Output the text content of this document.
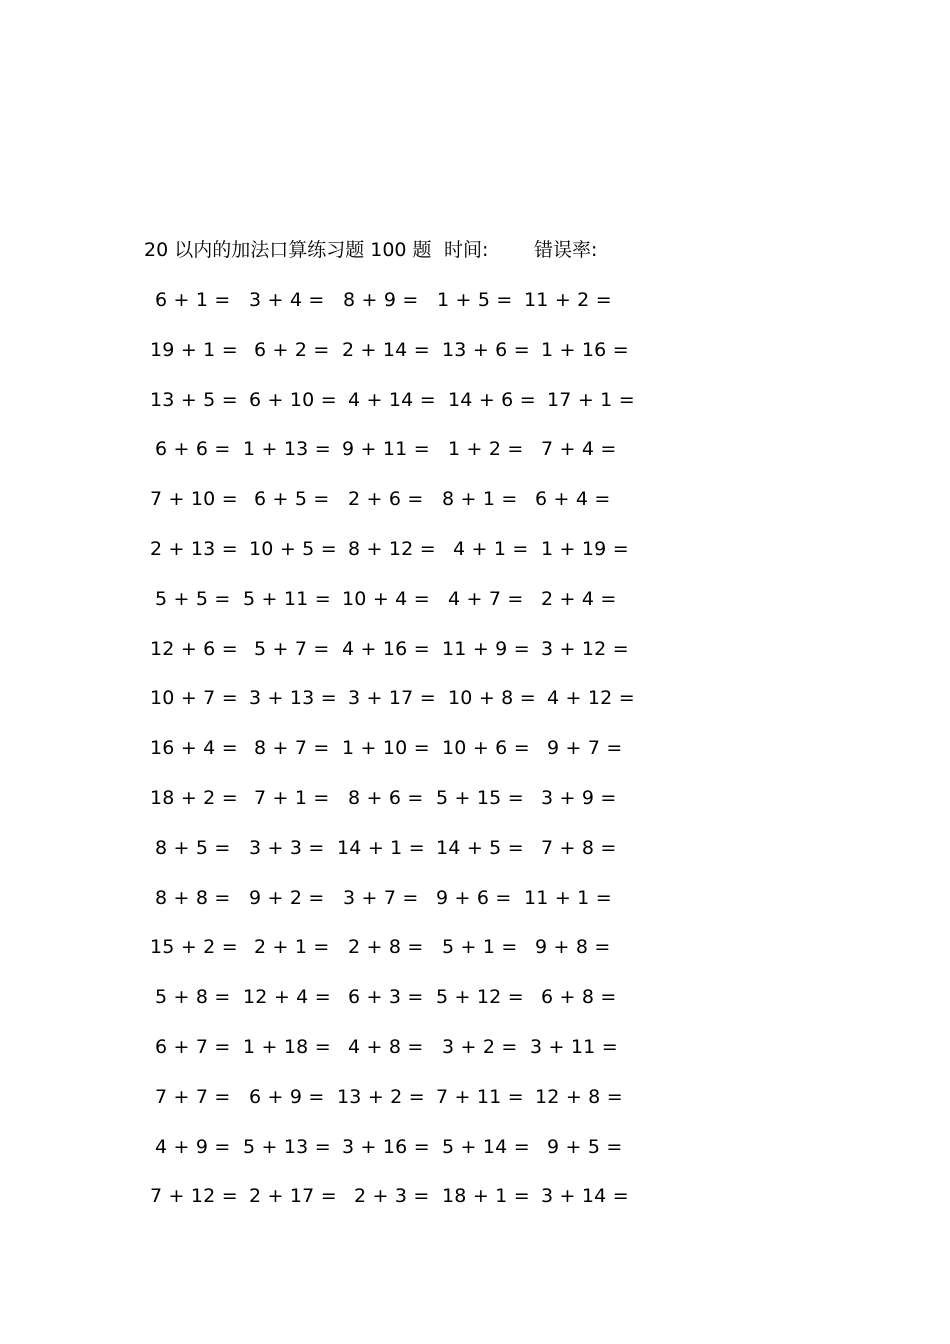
20 以内的加法口算练习题 100 题 时间: 错误率:
6 + 1 = 3 + 4 = 8 + 9 = 1 + 5 = 11 + 2 =
19 + 1 = 6 + 2 = 2 + 14 = 13 + 6 = 1 + 16 =
13 + 5 = 6 + 10 = 4 + 14 = 14 + 6 = 17 + 1 =
6 + 6 = 1 + 13 = 9 + 11 = 1 + 2 = 7 + 4 =
7 + 10 = 6 + 5 = 2 + 6 = 8 + 1 = 6 + 4 =
2 + 13 = 10 + 5 = 8 + 12 = 4 + 1 = 1 + 19 =
5 + 5 = 5 + 11 = 10 + 4 = 4 + 7 = 2 + 4 =
12 + 6 = 5 + 7 = 4 + 16 = 11 + 9 = 3 + 12 =
10 + 7 = 3 + 13 = 3 + 17 = 10 + 8 = 4 + 12 =
16 + 4 = 8 + 7 = 1 + 10 = 10 + 6 = 9 + 7 =
18 + 2 = 7 + 1 = 8 + 6 = 5 + 15 = 3 + 9 =
8 + 5 = 3 + 3 = 14 + 1 = 14 + 5 = 7 + 8 =
8 + 8 = 9 + 2 = 3 + 7 = 9 + 6 = 11 + 1 =
15 + 2 = 2 + 1 = 2 + 8 = 5 + 1 = 9 + 8 =
5 + 8 = 12 + 4 = 6 + 3 = 5 + 12 = 6 + 8 =
6 + 7 = 1 + 18 = 4 + 8 = 3 + 2 = 3 + 11 =
7 + 7 = 6 + 9 = 13 + 2 = 7 + 11 = 12 + 8 =
4 + 9 = 5 + 13 = 3 + 16 = 5 + 14 = 9 + 5 =
7 + 12 = 2 + 17 = 2 + 3 = 18 + 1 = 3 + 14 =
